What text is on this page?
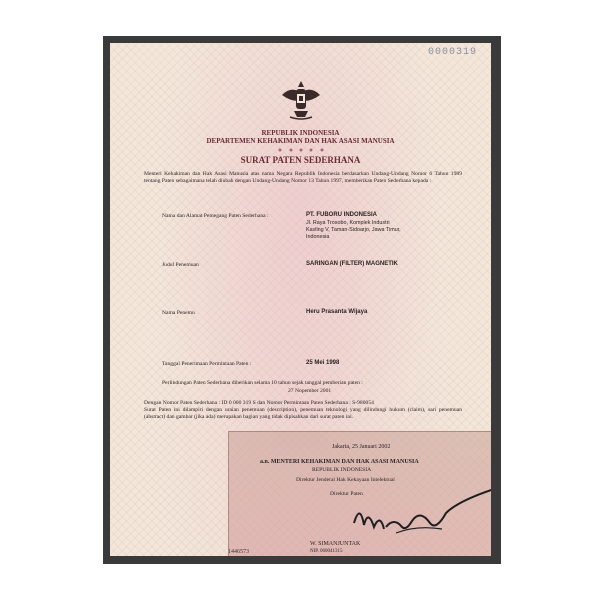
0000319
REPUBLIK INDONESIA
DEPARTEMEN KEHAKIMAN DAN HAK ASASI MANUSIA
SURAT PATEN SEDERHANA
Menteri Kehakiman dan Hak Asasi Manusia atas nama Negara Republik Indonesia berdasarkan Undang-Undang Nomor 6 Tahun 1989 tentang Paten sebagaimana telah diubah dengan Undang-Undang Nomor 13 Tahun 1997, memberikan Paten Sederhana kepada :
Nama dan Alamat Pemegang Paten Sederhana :	PT. FUBORU INDONESIA
Jl. Raya Trosobo, Komplek Industri
Kavling V, Taman-Sidoarjo, Jawa Timur,
Indonesia
Judul Penemuan	SARINGAN (FILTER) MAGNETIK
Nama Penemu	Heru Prasanta Wijaya
Tanggal Penerimaan Permintaan Paten :	25 Mei 1998
Perlindungan Paten Sederhana diberikan selama 10 tahun sejak tanggal pemberian paten :
27 Nopember 2001
Dengan Nomor Paten Sederhana : ID 0 000 319 S dan Nomor Permintaan Paten Sederhana : S-980054
Surat Paten ini dilampiri dengan uraian penemuan (description), penemuan teknologi yang dilindungi hukum (claim), sari penemuan (abstract) dan gambar (jika ada) merupakan bagian yang tidak dipisahkan dari surat paten ini.
Jakarta, 25 Januari 2002
a.n. MENTERI KEHAKIMAN DAN HAK ASASI MANUSIA
REPUBLIK INDONESIA
Direktur Jenderal Hak Kekayaan Intelektual
Direktur Paten
W. SIMANJUNTAK
NIP. 060041315
1446573
